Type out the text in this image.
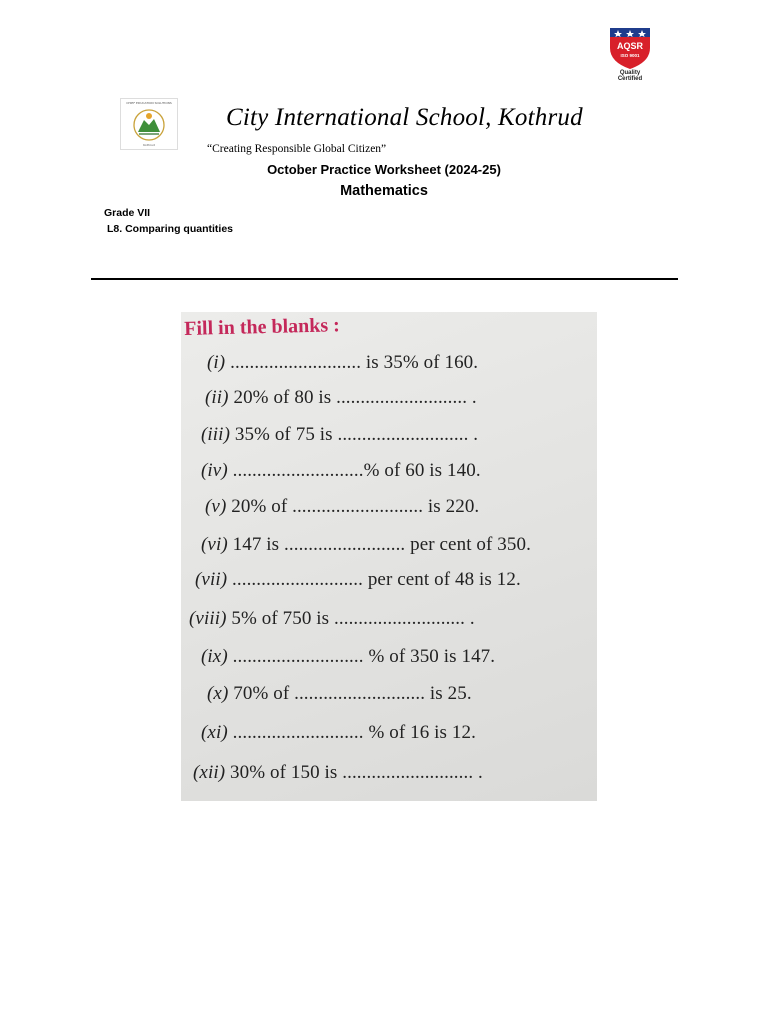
CHIEF EDUCATION SOLUTIONS
Kothrud
AQSR
ISO 9001
Quality
Certified
City International School, Kothrud
“Creating Responsible Global Citizen”
October Practice Worksheet (2024-25)
Mathematics
Grade VII
L8. Comparing quantities
Fill in the blanks :
(i) ........................... is 35% of 160.
(ii) 20% of 80 is ........................... .
(iii) 35% of 75 is ........................... .
(iv) ...........................% of 60 is 140.
(v) 20% of ........................... is 220.
(vi) 147 is ......................... per cent of 350.
(vii) ........................... per cent of 48 is 12.
(viii) 5% of 750 is ........................... .
(ix) ........................... % of 350 is 147.
(x) 70% of ........................... is 25.
(xi) ........................... % of 16 is 12.
(xii) 30% of 150 is ........................... .
